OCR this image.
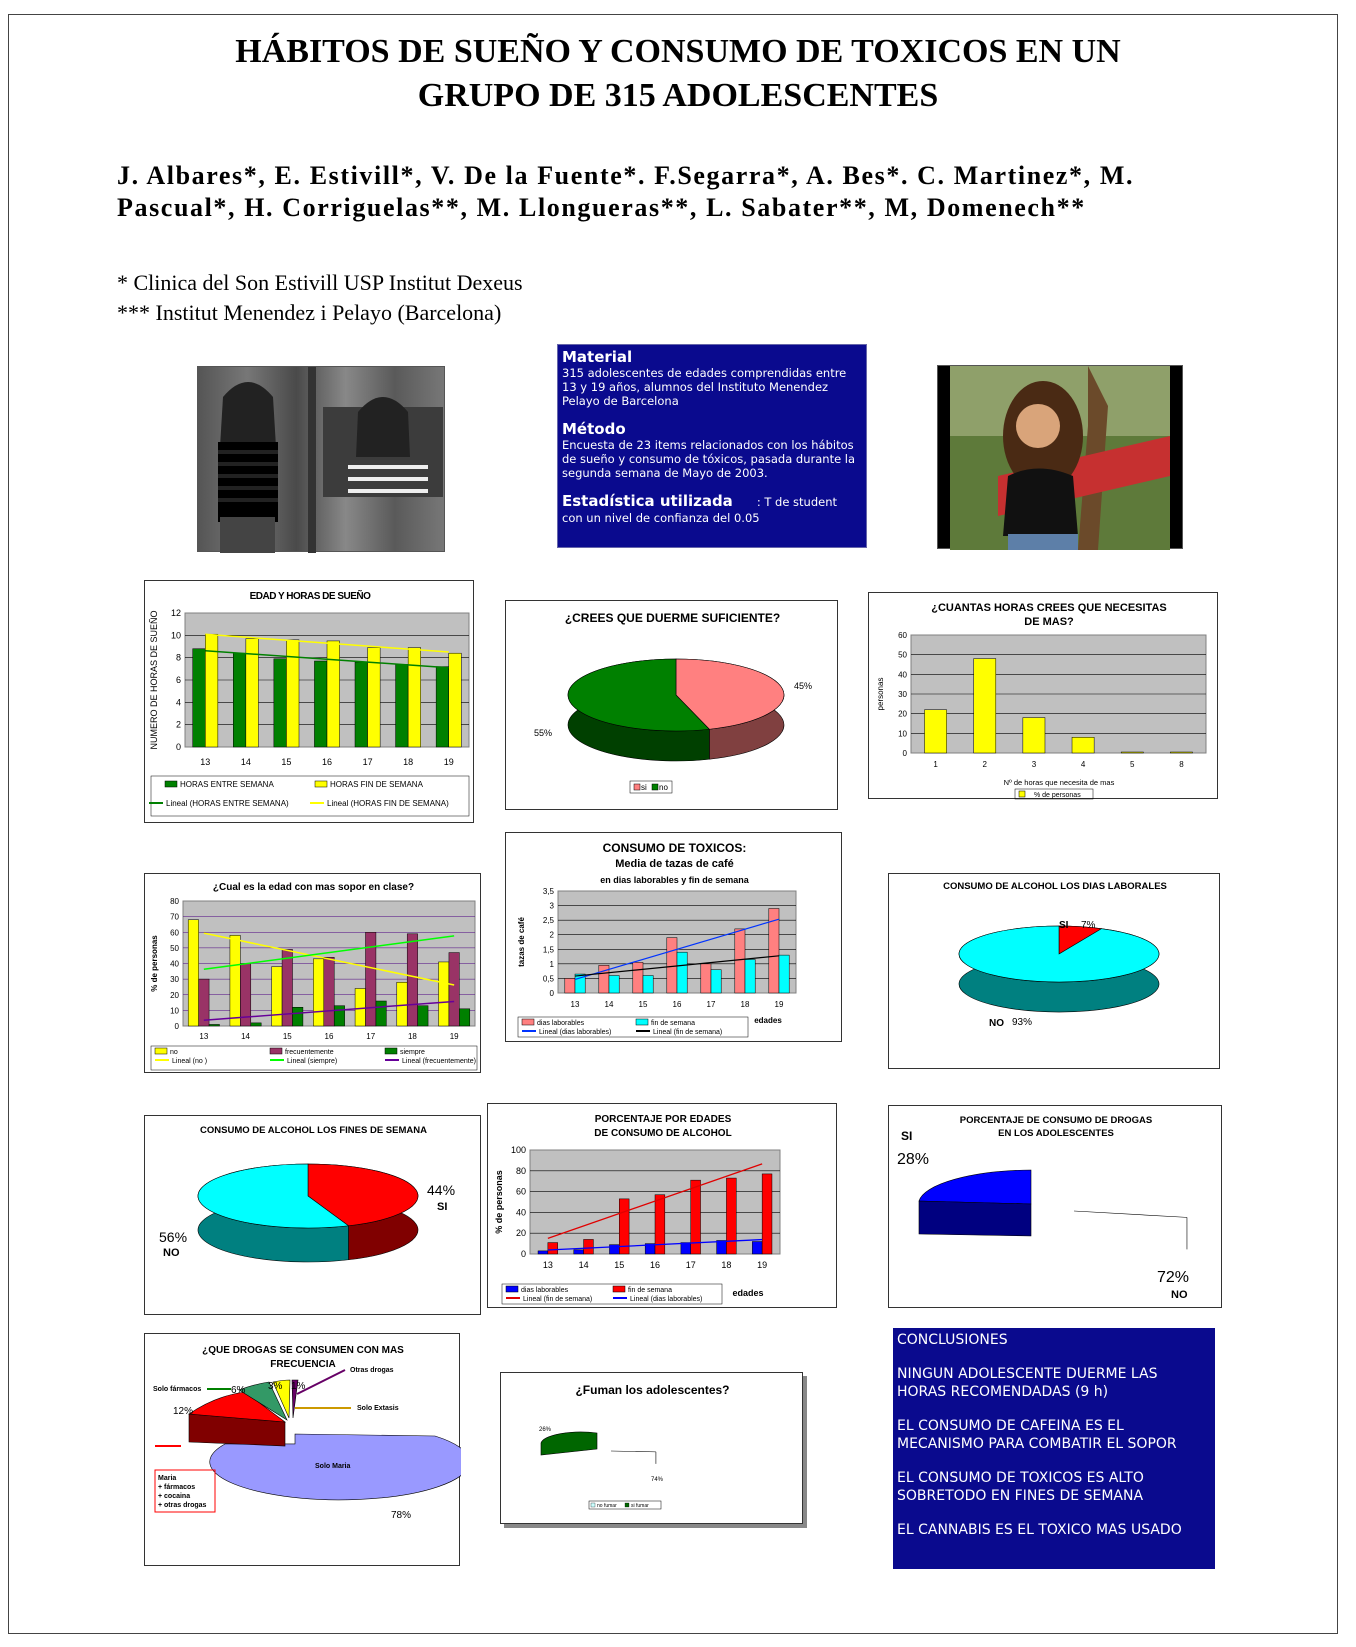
HÁBITOS DE SUEÑO Y CONSUMO DE TOXICOS EN UN
GRUPO DE 315 ADOLESCENTES
J. Albares*, E. Estivill*, V. De la Fuente*. F.Segarra*, A. Bes*. C. Martinez*, M.
Pascual*, H. Corriguelas**, M. Llongueras**, L. Sabater**, M, Domenech**
* Clinica del Son Estivill USP Institut Dexeus
*** Institut Menendez i Pelayo (Barcelona)
Material
315 adolescentes de edades comprendidas entre 13 y 19 años, alumnos del Instituto Menendez Pelayo de Barcelona
Método
Encuesta de 23 items relacionados con los hábitos de sueño y consumo de tóxicos, pasada durante la segunda semana de Mayo de 2003.
Estadística utilizada : T de student
con un nivel de confianza del 0.05
EDAD Y HORAS DE SUEÑO
0
2
4
6
8
10
12
13	14	15	16	17	18	19
NUMERO DE HORAS DE SUEÑO
HORAS ENTRE SEMANA	HORAS FIN DE SEMANA
Lineal (HORAS ENTRE SEMANA)	Lineal (HORAS FIN DE SEMANA)
¿CREES QUE DUERME SUFICIENTE?
45%
55%
si no
¿CUANTAS HORAS CREES QUE NECESITAS DE MAS?
0
10
20
30
40
50
60
1	2	3	4	5	8
personas
Nº de horas que necesita de mas
% de personas
¿Cual es la edad con mas sopor en clase?
0
10
20
30
40
50
60
70
80
13	14	15	16	17	18	19
% de personas
no	frecuentemente	siempre
Lineal (no )	Lineal (siempre)	Lineal (frecuentemente)
CONSUMO DE TOXICOS:
Media de tazas de café
en dias laborables y fin de semana
0
0,5
1
1,5
2
2,5
3
3,5
13	14	15	16	17	18	19
tazas de café
edades
dias laborables	fin de semana
Lineal (dias laborables)	Lineal (fin de semana)
CONSUMO DE ALCOHOL LOS DIAS LABORALES
SI 7%
NO 93%
CONSUMO DE ALCOHOL LOS FINES DE SEMANA
44%
SI
56%
NO
PORCENTAJE POR EDADES
DE CONSUMO DE ALCOHOL
0
20
40
60
80
100
13	14	15	16	17	18	19
% de personas
edades
dias laborables	fin de semana
Lineal (fin de semana)	Lineal (dias laborables)
PORCENTAJE DE CONSUMO DE DROGAS
EN LOS ADOLESCENTES
SI
28%
72%
NO
¿QUE DROGAS SE CONSUMEN CON MAS
FRECUENCIA
Solo fármacos	6% 3% 1%
Otras drogas
Solo Extasis
12%
Solo Maria
78%
Maria
+ fármacos
+ cocaina
+ otras drogas
¿Fuman los adolescentes?
26%
74%
no fumar	si fumar
CONCLUSIONES
NINGUN ADOLESCENTE DUERME LAS HORAS RECOMENDADAS (9 h)
EL CONSUMO DE CAFEINA ES EL MECANISMO PARA COMBATIR EL SOPOR
EL CONSUMO DE TOXICOS ES ALTO SOBRETODO EN FINES DE SEMANA
EL CANNABIS ES EL TOXICO MAS USADO
